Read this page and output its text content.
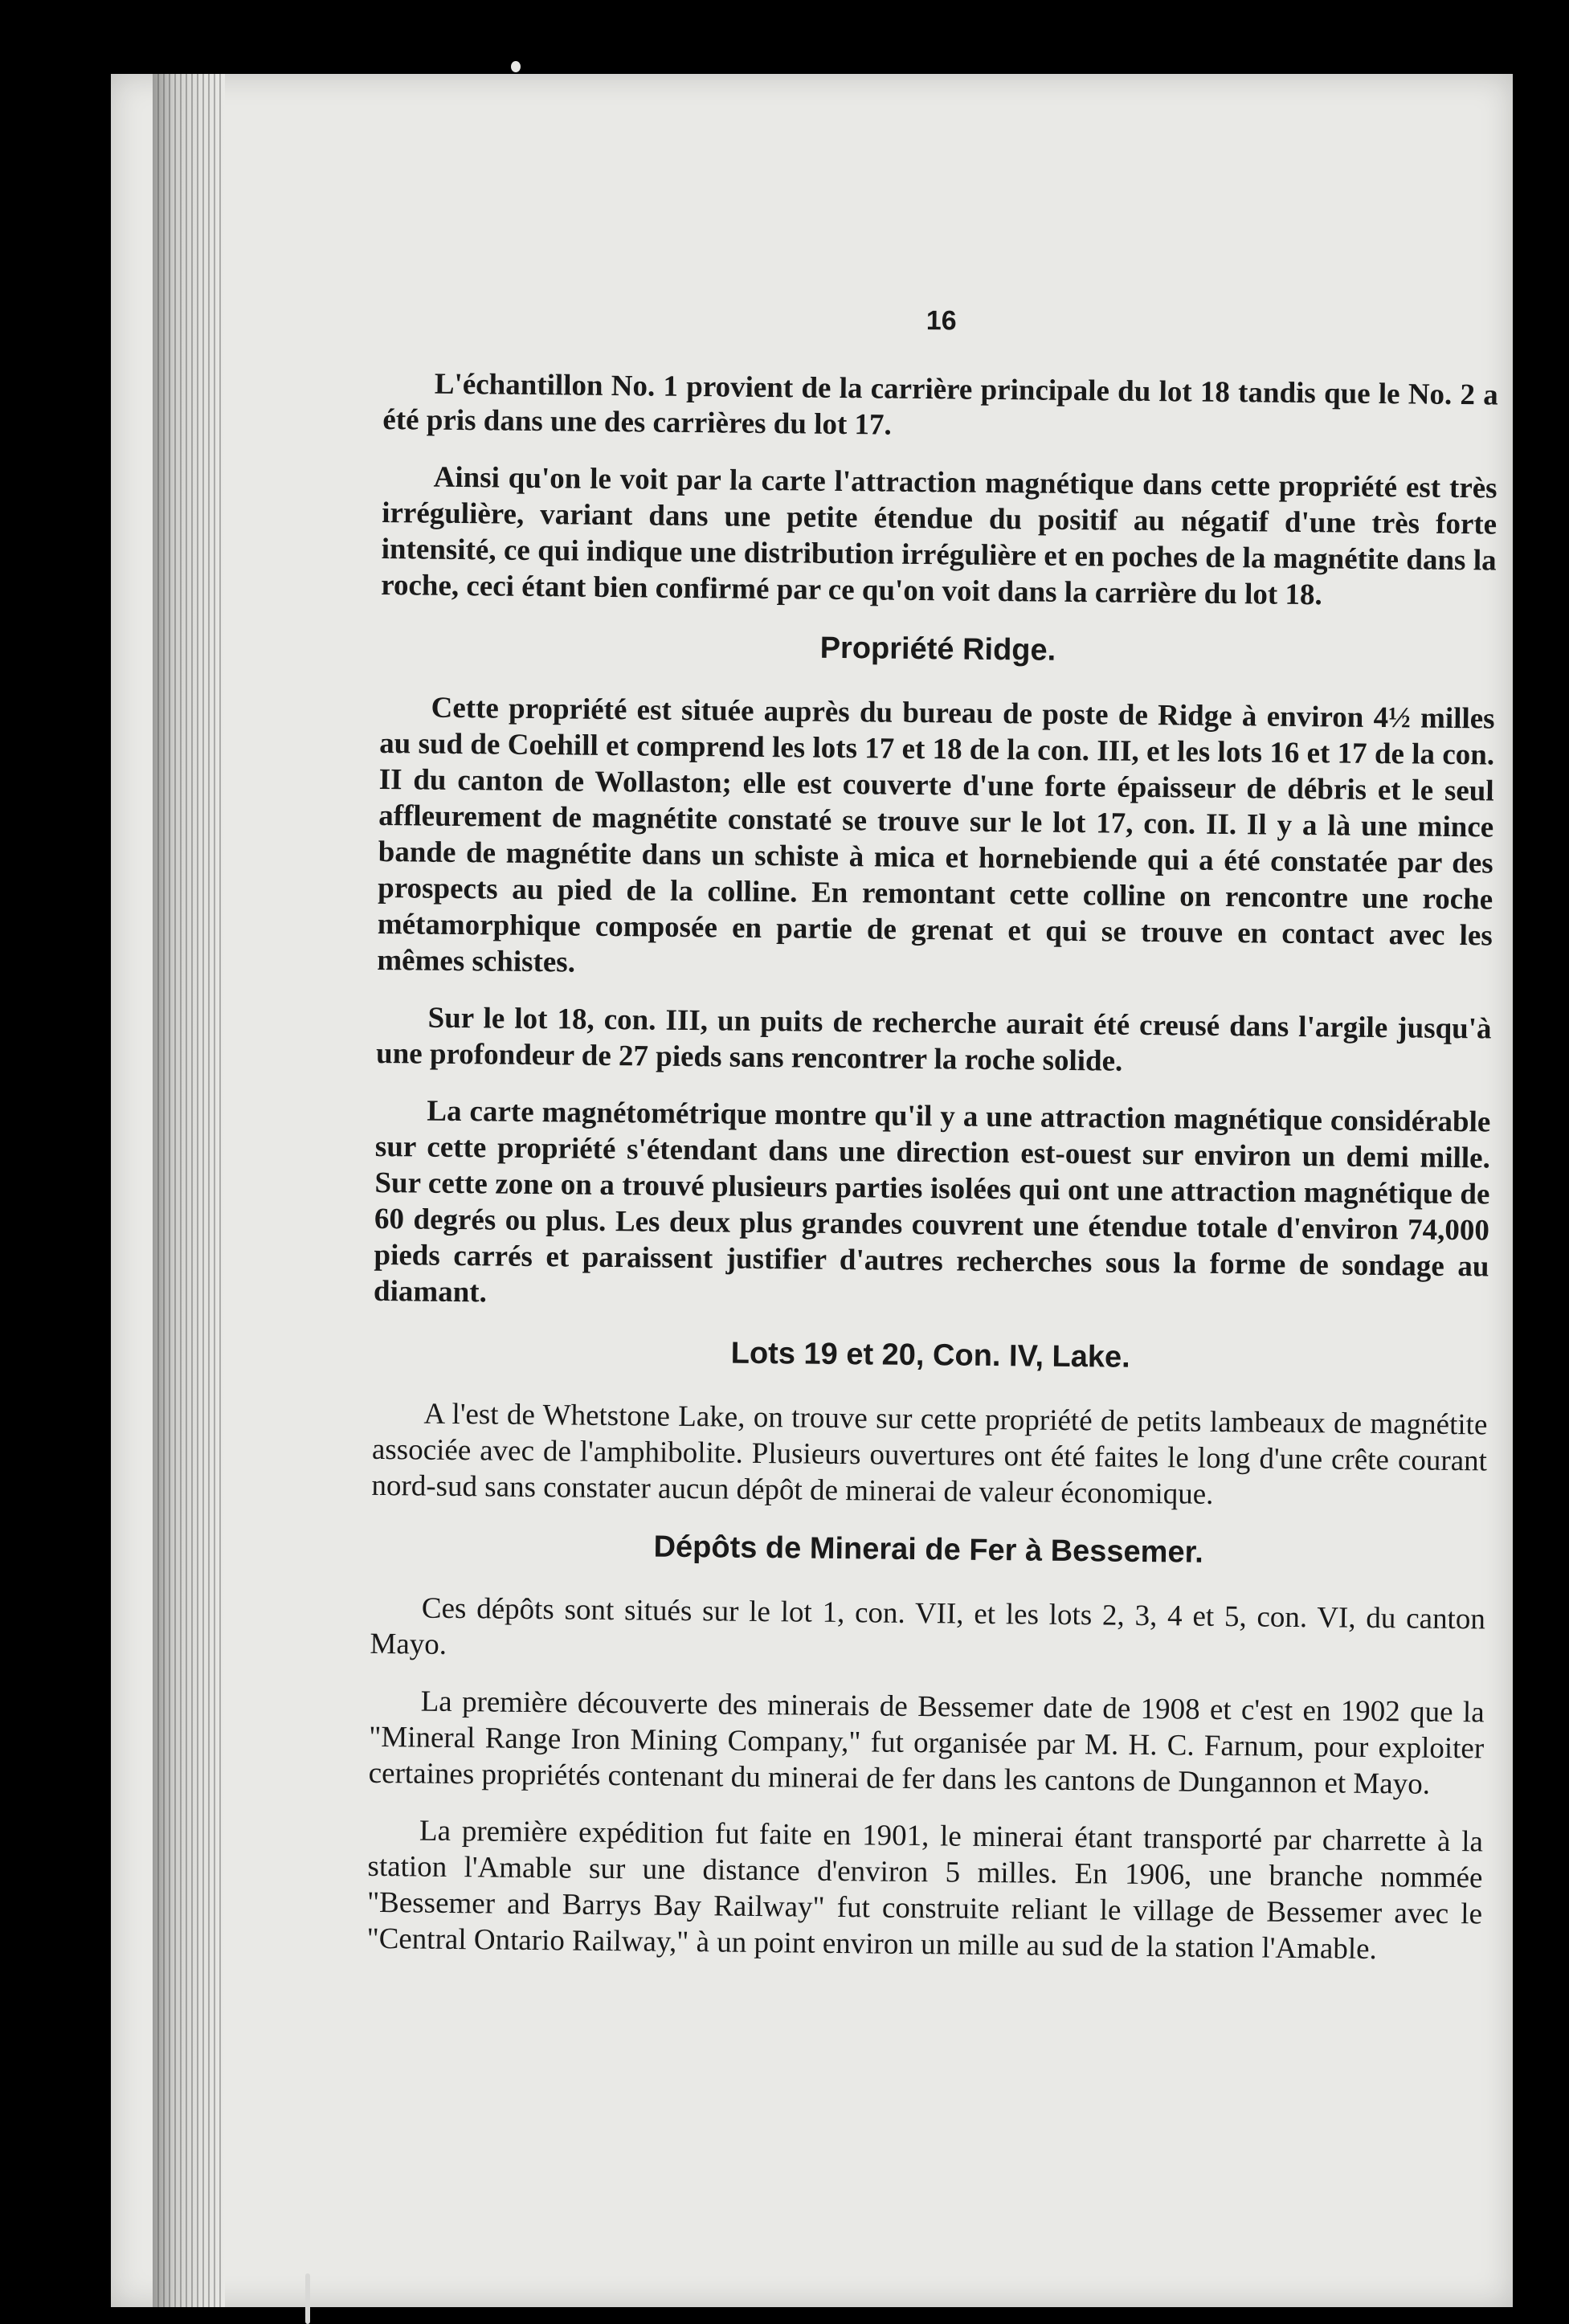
16

L'échantillon No. 1 provient de la carrière principale du lot 18 tandis que le No. 2 a été pris dans une des carrières du lot 17.

Ainsi qu'on le voit par la carte l'attraction magnétique dans cette propriété est très irrégulière, variant dans une petite étendue du positif au négatif d'une très forte intensité, ce qui indique une distribution irrégulière et en poches de la magnétite dans la roche, ceci étant bien confirmé par ce qu'on voit dans la carrière du lot 18.

Propriété Ridge.

Cette propriété est située auprès du bureau de poste de Ridge à environ 4½ milles au sud de Coehill et comprend les lots 17 et 18 de la con. III, et les lots 16 et 17 de la con. II du canton de Wollaston; elle est couverte d'une forte épaisseur de débris et le seul affleurement de magnétite constaté se trouve sur le lot 17, con. II. Il y a là une mince bande de magnétite dans un schiste à mica et hornebiende qui a été constatée par des prospects au pied de la colline. En remontant cette colline on rencontre une roche métamorphique composée en partie de grenat et qui se trouve en contact avec les mêmes schistes.

Sur le lot 18, con. III, un puits de recherche aurait été creusé dans l'argile jusqu'à une profondeur de 27 pieds sans rencontrer la roche solide.

La carte magnétométrique montre qu'il y a une attraction magnétique considérable sur cette propriété s'étendant dans une direction est-ouest sur environ un demi mille. Sur cette zone on a trouvé plusieurs parties isolées qui ont une attraction magnétique de 60 degrés ou plus. Les deux plus grandes couvrent une étendue totale d'environ 74,000 pieds carrés et paraissent justifier d'autres recherches sous la forme de sondage au diamant.

Lots 19 et 20, Con. IV, Lake.

A l'est de Whetstone Lake, on trouve sur cette propriété de petits lambeaux de magnétite associée avec de l'amphibolite. Plusieurs ouvertures ont été faites le long d'une crête courant nord-sud sans constater aucun dépôt de minerai de valeur économique.

Dépôts de Minerai de Fer à Bessemer.

Ces dépôts sont situés sur le lot 1, con. VII, et les lots 2, 3, 4 et 5, con. VI, du canton Mayo.

La première découverte des minerais de Bessemer date de 1908 et c'est en 1902 que la "Mineral Range Iron Mining Company," fut organisée par M. H. C. Farnum, pour exploiter certaines propriétés contenant du minerai de fer dans les cantons de Dungannon et Mayo.

La première expédition fut faite en 1901, le minerai étant transporté par charrette à la station l'Amable sur une distance d'environ 5 milles. En 1906, une branche nommée "Bessemer and Barrys Bay Railway" fut construite reliant le village de Bessemer avec le "Central Ontario Railway," à un point environ un mille au sud de la station l'Amable.
